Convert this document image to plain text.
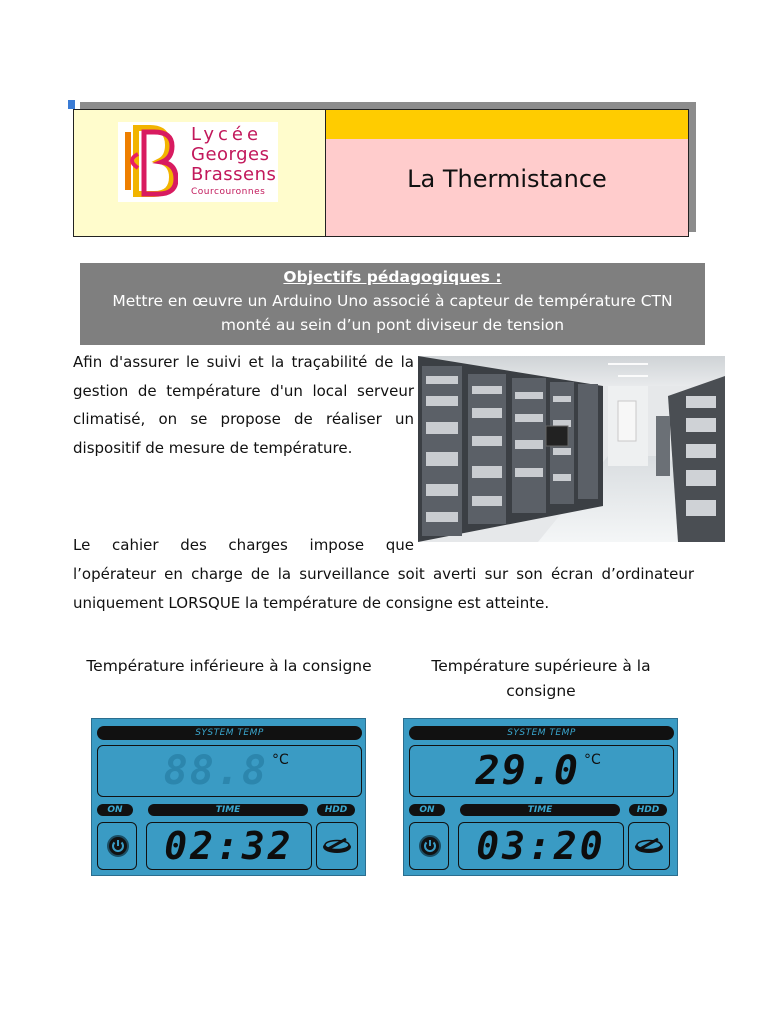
Lycée
Georges
Brassens
Courcouronnes	La Thermistance
Objectifs pédagogiques :
Mettre en œuvre un Arduino Uno associé à capteur de température CTN
monté au sein d’un pont diviseur de tension
Afin d'assurer le suivi et la traçabilité de la gestion de température d'un local serveur climatisé, on se propose de réaliser un dispositif de mesure de température.
Le cahier des charges impose que
l’opérateur en charge de la surveillance soit averti sur son écran d’ordinateur uniquement LORSQUE la température de consigne est atteinte.
Température inférieure à la consigne	Température supérieure à la consigne
SYSTEM TEMP
88.8 °C
ON	TIME	HDD
02:32
SYSTEM TEMP
29.0 °C
ON	TIME	HDD
03:20
